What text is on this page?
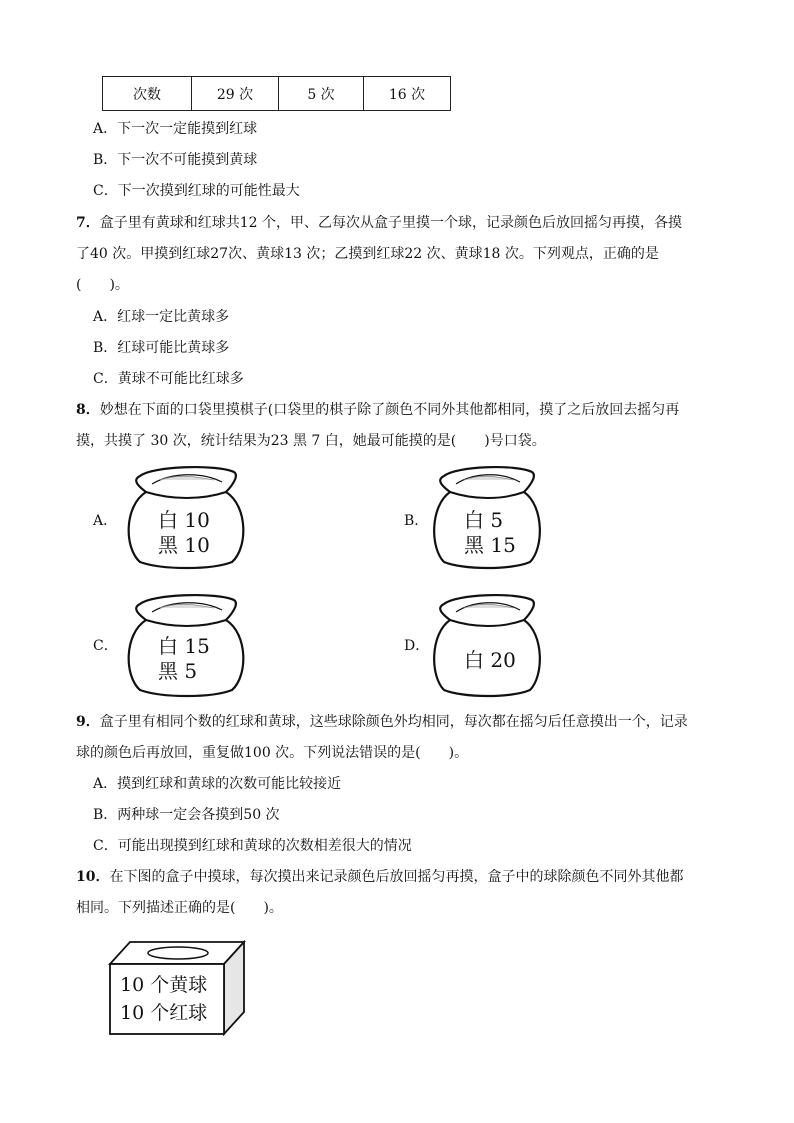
次数	29 次	5 次	16 次
A．下一次一定能摸到红球
B．下一次不可能摸到黄球
C．下一次摸到红球的可能性最大
7．盒子里有黄球和红球共12 个，甲、乙每次从盒子里摸一个球，记录颜色后放回摇匀再摸，各摸
了40 次。甲摸到红球27次、黄球13 次；乙摸到红球22 次、黄球18 次。下列观点，正确的是
(　　)。
A．红球一定比黄球多
B．红球可能比黄球多
C．黄球不可能比红球多
8．妙想在下面的口袋里摸棋子(口袋里的棋子除了颜色不同外其他都相同，摸了之后放回去摇匀再
摸，共摸了 30 次，统计结果为23 黑 7 白，她最可能摸的是(　　)号口袋。
A． 白 10
黑 10
B． 白 5
黑 15
C． 白 15
黑 5
D．
白 20
9．盒子里有相同个数的红球和黄球，这些球除颜色外均相同，每次都在摇匀后任意摸出一个，记录
球的颜色后再放回，重复做100 次。下列说法错误的是(　　)。
A．摸到红球和黄球的次数可能比较接近
B．两种球一定会各摸到50 次
C．可能出现摸到红球和黄球的次数相差很大的情况
10．在下图的盒子中摸球，每次摸出来记录颜色后放回摇匀再摸，盒子中的球除颜色不同外其他都
相同。下列描述正确的是(　　)。
10 个黄球
10 个红球
